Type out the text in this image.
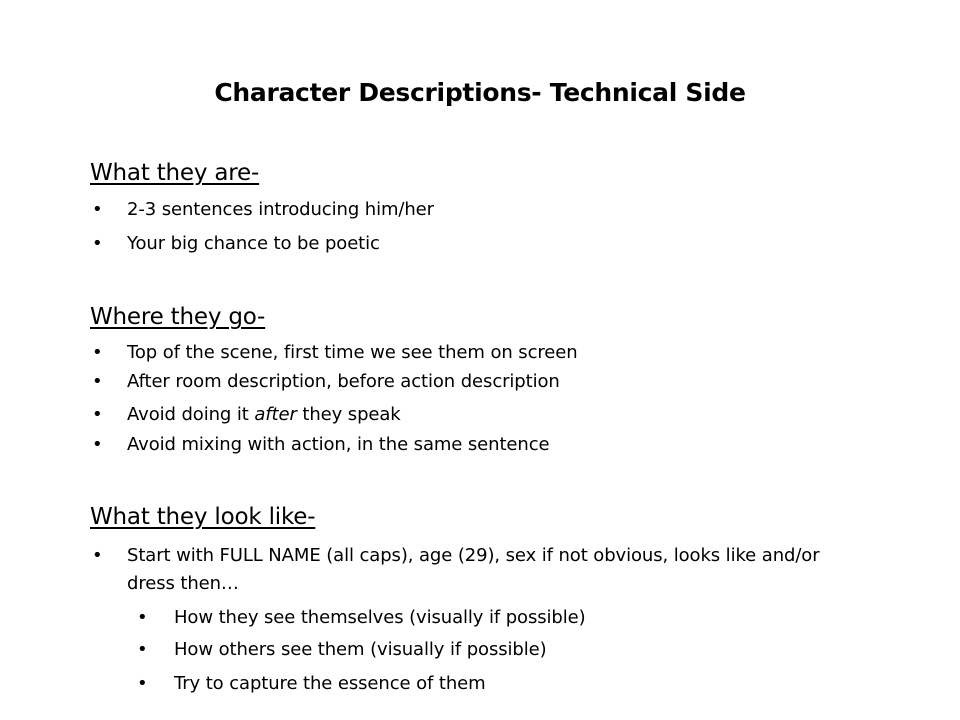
Character Descriptions- Technical Side
What they are-
• 2-3 sentences introducing him/her
• Your big chance to be poetic
Where they go-
• Top of the scene, first time we see them on screen
• After room description, before action description
• Avoid doing it after they speak
• Avoid mixing with action, in the same sentence
What they look like-
• Start with FULL NAME (all caps), age (29), sex if not obvious, looks like and/or dress then…
• How they see themselves (visually if possible)
• How others see them (visually if possible)
• Try to capture the essence of them
